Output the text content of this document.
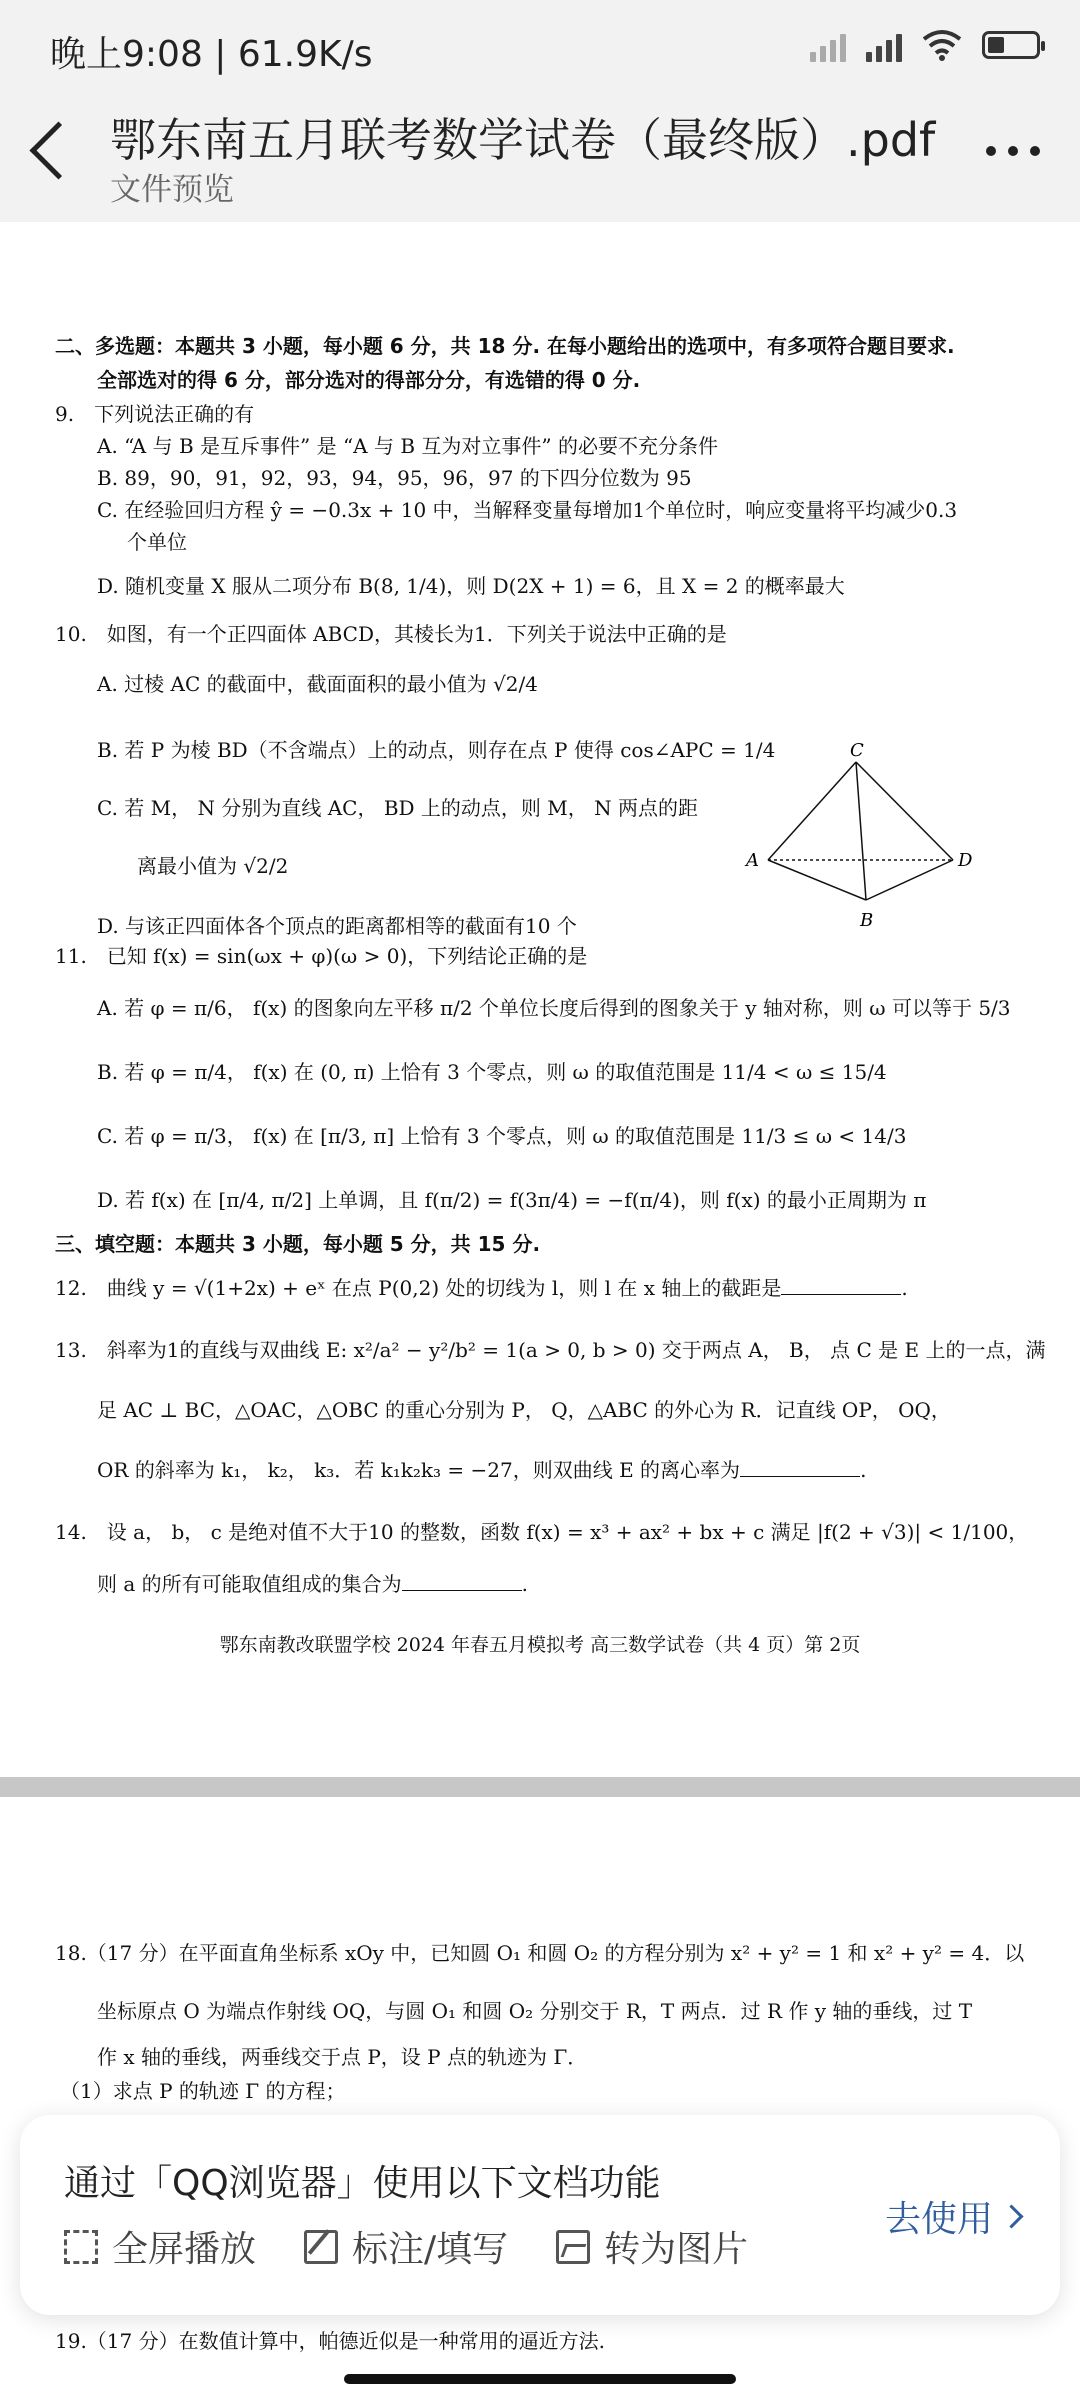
晚上9:08 | 61.9K/s
鄂东南五月联考数学试卷（最终版）.pdf
文件预览
二、多选题：本题共 3 小题，每小题 6 分，共 18 分. 在每小题给出的选项中，有多项符合题目要求.
全部选对的得 6 分，部分选对的得部分分，有选错的得 0 分.
9.　下列说法正确的有
A. “A 与 B 是互斥事件” 是 “A 与 B 互为对立事件” 的必要不充分条件
B. 89，90，91，92，93，94，95，96，97 的下四分位数为 95
C. 在经验回归方程 ŷ = −0.3x + 10 中，当解释变量每增加1个单位时，响应变量将平均减少0.3
个单位
D. 随机变量 X 服从二项分布 B(8, 1/4)，则 D(2X + 1) = 6，且 X = 2 的概率最大
10.　如图，有一个正四面体 ABCD，其棱长为1．下列关于说法中正确的是
A. 过棱 AC 的截面中，截面面积的最小值为 √2/4
B. 若 P 为棱 BD（不含端点）上的动点，则存在点 P 使得 cos∠APC = 1/4
C. 若 M， N 分别为直线 AC， BD 上的动点，则 M， N 两点的距
离最小值为 √2/2
D. 与该正四面体各个顶点的距离都相等的截面有10 个
11.　已知 f(x) = sin(ωx + φ)(ω > 0)，下列结论正确的是
A. 若 φ = π/6， f(x) 的图象向左平移 π/2 个单位长度后得到的图象关于 y 轴对称，则 ω 可以等于 5/3
B. 若 φ = π/4， f(x) 在 (0, π) 上恰有 3 个零点，则 ω 的取值范围是 11/4 < ω ≤ 15/4
C. 若 φ = π/3， f(x) 在 [π/3, π] 上恰有 3 个零点，则 ω 的取值范围是 11/3 ≤ ω < 14/3
D. 若 f(x) 在 [π/4, π/2] 上单调，且 f(π/2) = f(3π/4) = −f(π/4)，则 f(x) 的最小正周期为 π
三、填空题：本题共 3 小题，每小题 5 分，共 15 分.
12.　曲线 y = √(1+2x) + eˣ 在点 P(0,2) 处的切线为 l，则 l 在 x 轴上的截距是	.
13.　斜率为1的直线与双曲线 E: x²/a² − y²/b² = 1(a > 0, b > 0) 交于两点 A， B， 点 C 是 E 上的一点，满
足 AC ⊥ BC，△OAC，△OBC 的重心分别为 P， Q，△ABC 的外心为 R．记直线 OP， OQ，
OR 的斜率为 k₁， k₂， k₃．若 k₁k₂k₃ = −27，则双曲线 E 的离心率为	.
14.　设 a， b， c 是绝对值不大于10 的整数，函数 f(x) = x³ + ax² + bx + c 满足 |f(2 + √3)| < 1/100，
则 a 的所有可能取值组成的集合为	.
鄂东南教改联盟学校 2024 年春五月模拟考 高三数学试卷（共 4 页）第 2页
C
A	D
B
18.（17 分）在平面直角坐标系 xOy 中，已知圆 O₁ 和圆 O₂ 的方程分别为 x² + y² = 1 和 x² + y² = 4．以
坐标原点 O 为端点作射线 OQ，与圆 O₁ 和圆 O₂ 分别交于 R，T 两点．过 R 作 y 轴的垂线，过 T
作 x 轴的垂线，两垂线交于点 P，设 P 点的轨迹为 Γ．
（1）求点 P 的轨迹 Γ 的方程；
19.（17 分）在数值计算中，帕德近似是一种常用的逼近方法.
通过「QQ浏览器」使用以下文档功能
全屏播放	标注/填写	转为图片
去使用
